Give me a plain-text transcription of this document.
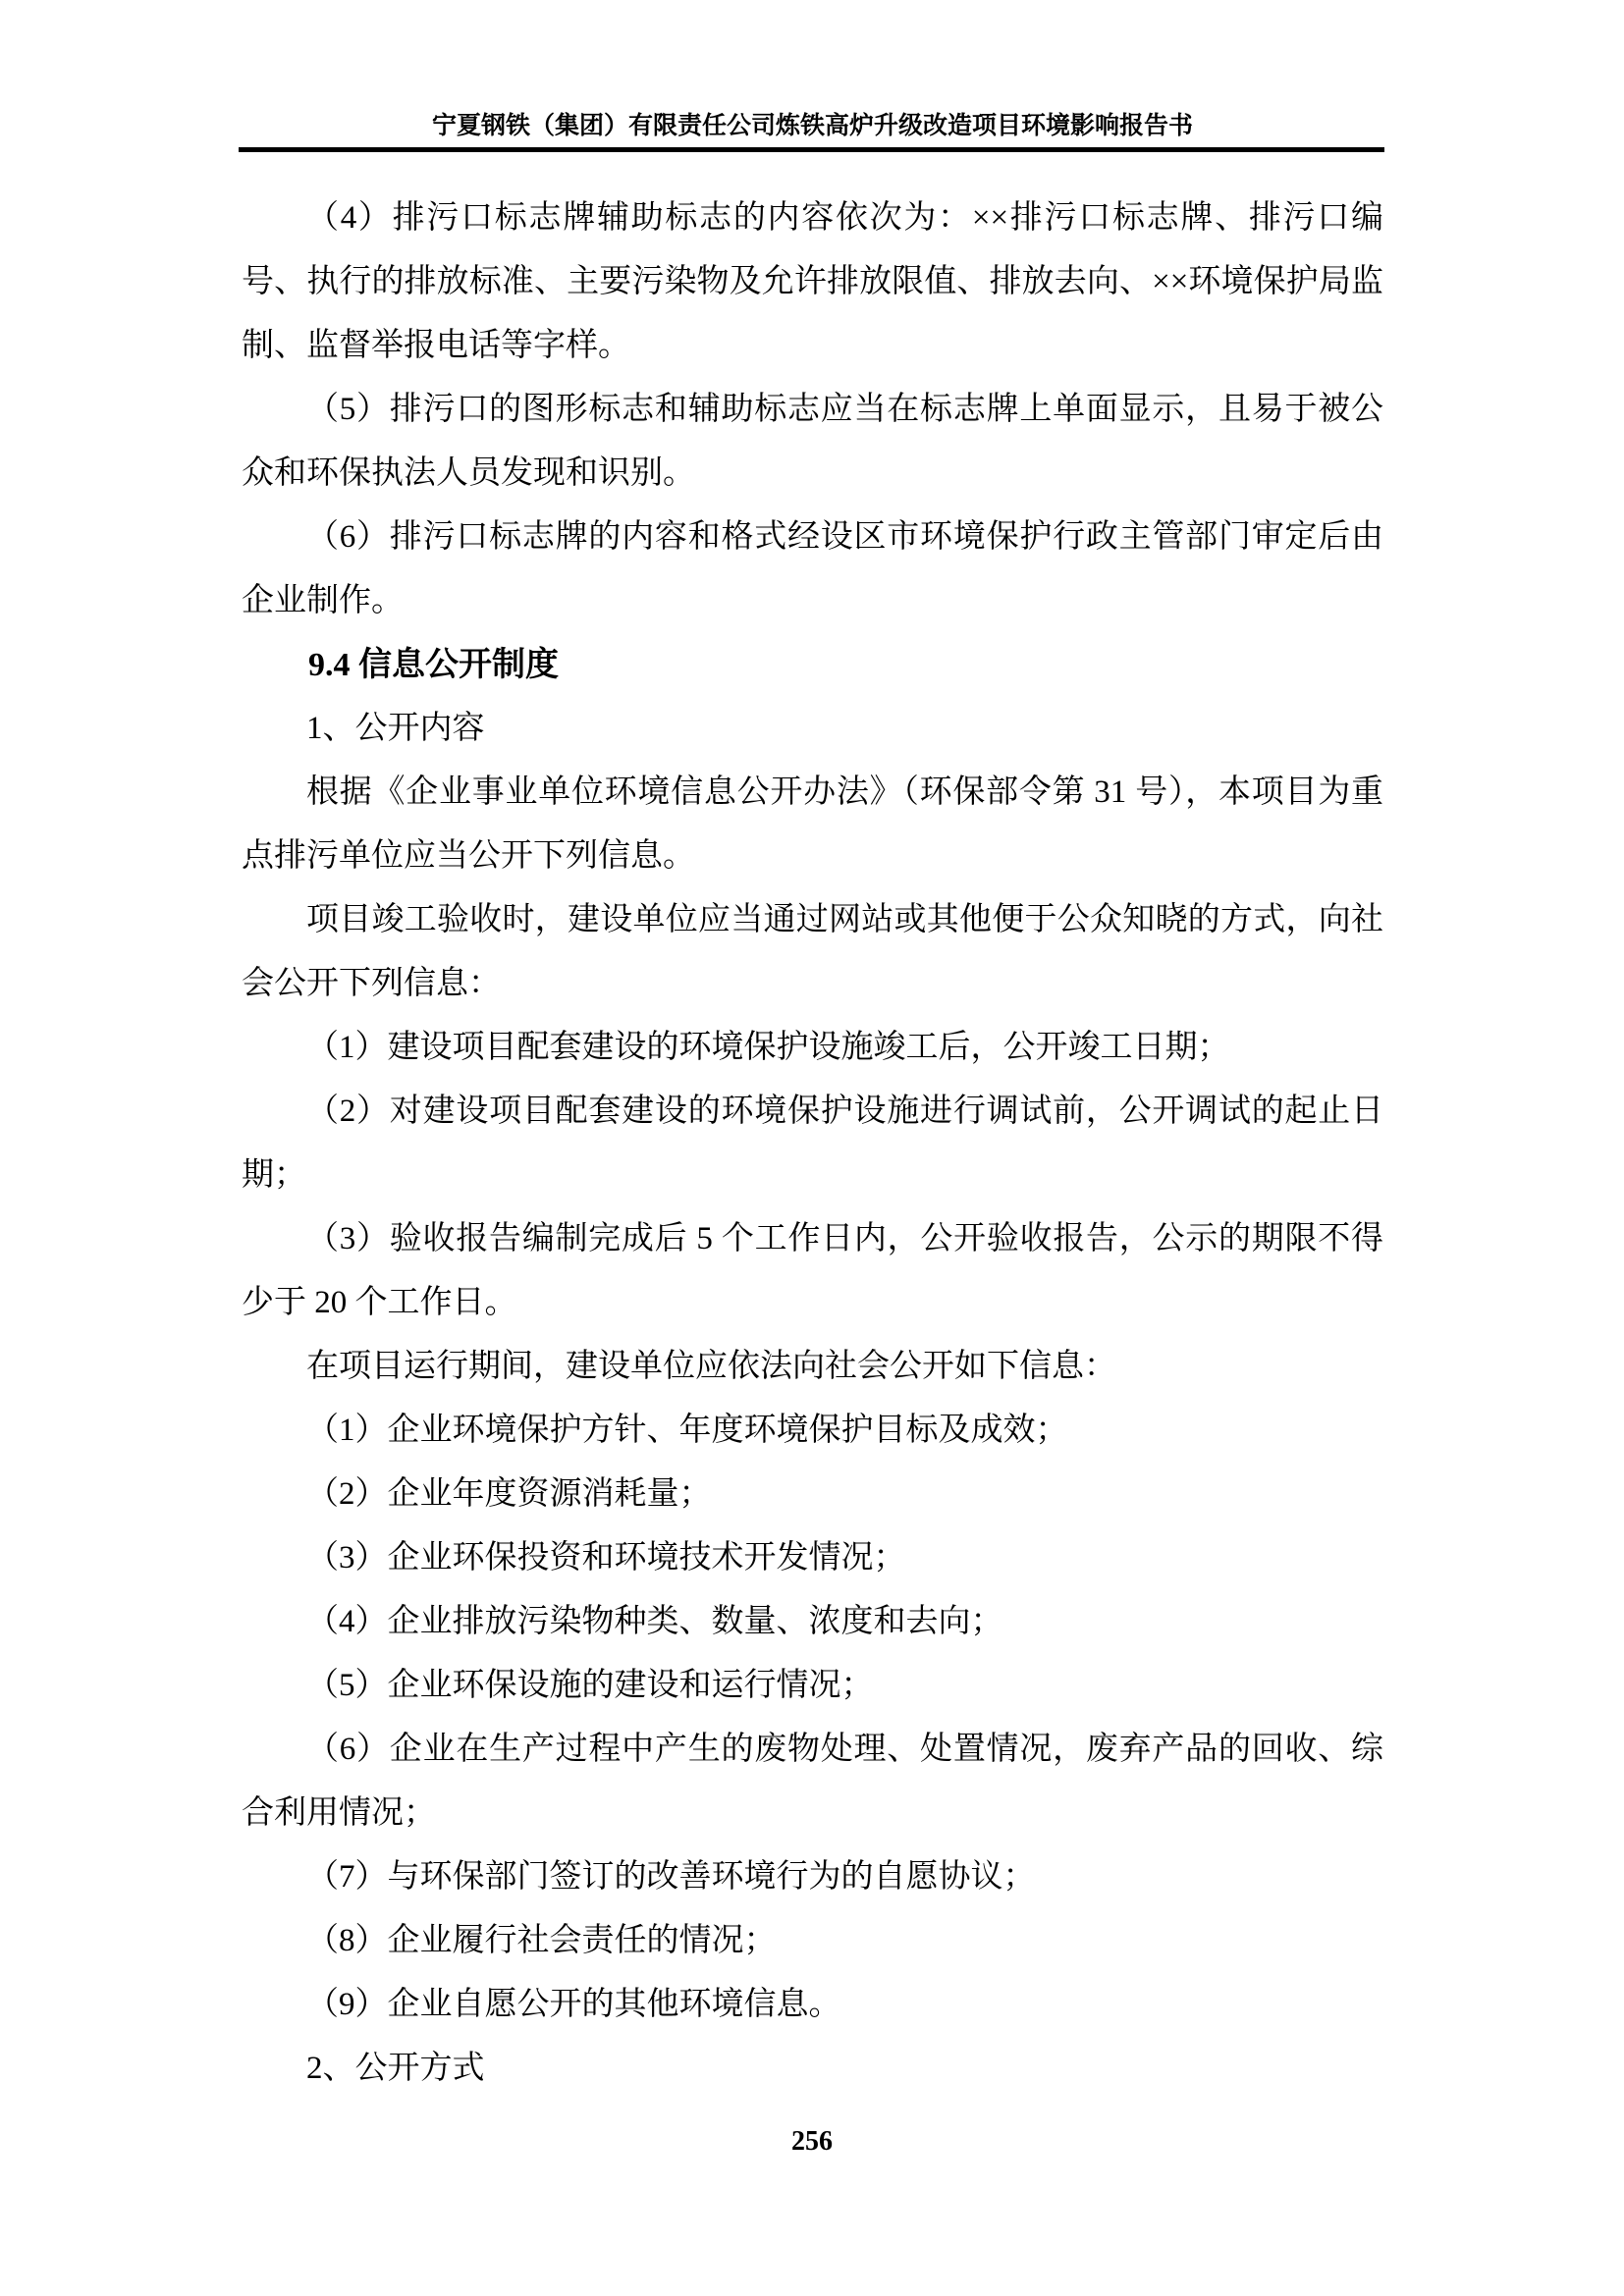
宁夏钢铁（集团）有限责任公司炼铁高炉升级改造项目环境影响报告书

（4）排污口标志牌辅助标志的内容依次为：××排污口标志牌、排污口编号、执行的排放标准、主要污染物及允许排放限值、排放去向、××环境保护局监制、监督举报电话等字样。

（5）排污口的图形标志和辅助标志应当在标志牌上单面显示，且易于被公众和环保执法人员发现和识别。

（6）排污口标志牌的内容和格式经设区市环境保护行政主管部门审定后由企业制作。

9.4 信息公开制度

1、公开内容

根据《企业事业单位环境信息公开办法》（环保部令第 31 号），本项目为重点排污单位应当公开下列信息。

项目竣工验收时，建设单位应当通过网站或其他便于公众知晓的方式，向社会公开下列信息：

（1）建设项目配套建设的环境保护设施竣工后，公开竣工日期；

（2）对建设项目配套建设的环境保护设施进行调试前，公开调试的起止日期；

（3）验收报告编制完成后 5 个工作日内，公开验收报告，公示的期限不得少于 20 个工作日。

在项目运行期间，建设单位应依法向社会公开如下信息：

（1）企业环境保护方针、年度环境保护目标及成效；

（2）企业年度资源消耗量；

（3）企业环保投资和环境技术开发情况；

（4）企业排放污染物种类、数量、浓度和去向；

（5）企业环保设施的建设和运行情况；

（6）企业在生产过程中产生的废物处理、处置情况，废弃产品的回收、综合利用情况；

（7）与环保部门签订的改善环境行为的自愿协议；

（8）企业履行社会责任的情况；

（9）企业自愿公开的其他环境信息。

2、公开方式

256
